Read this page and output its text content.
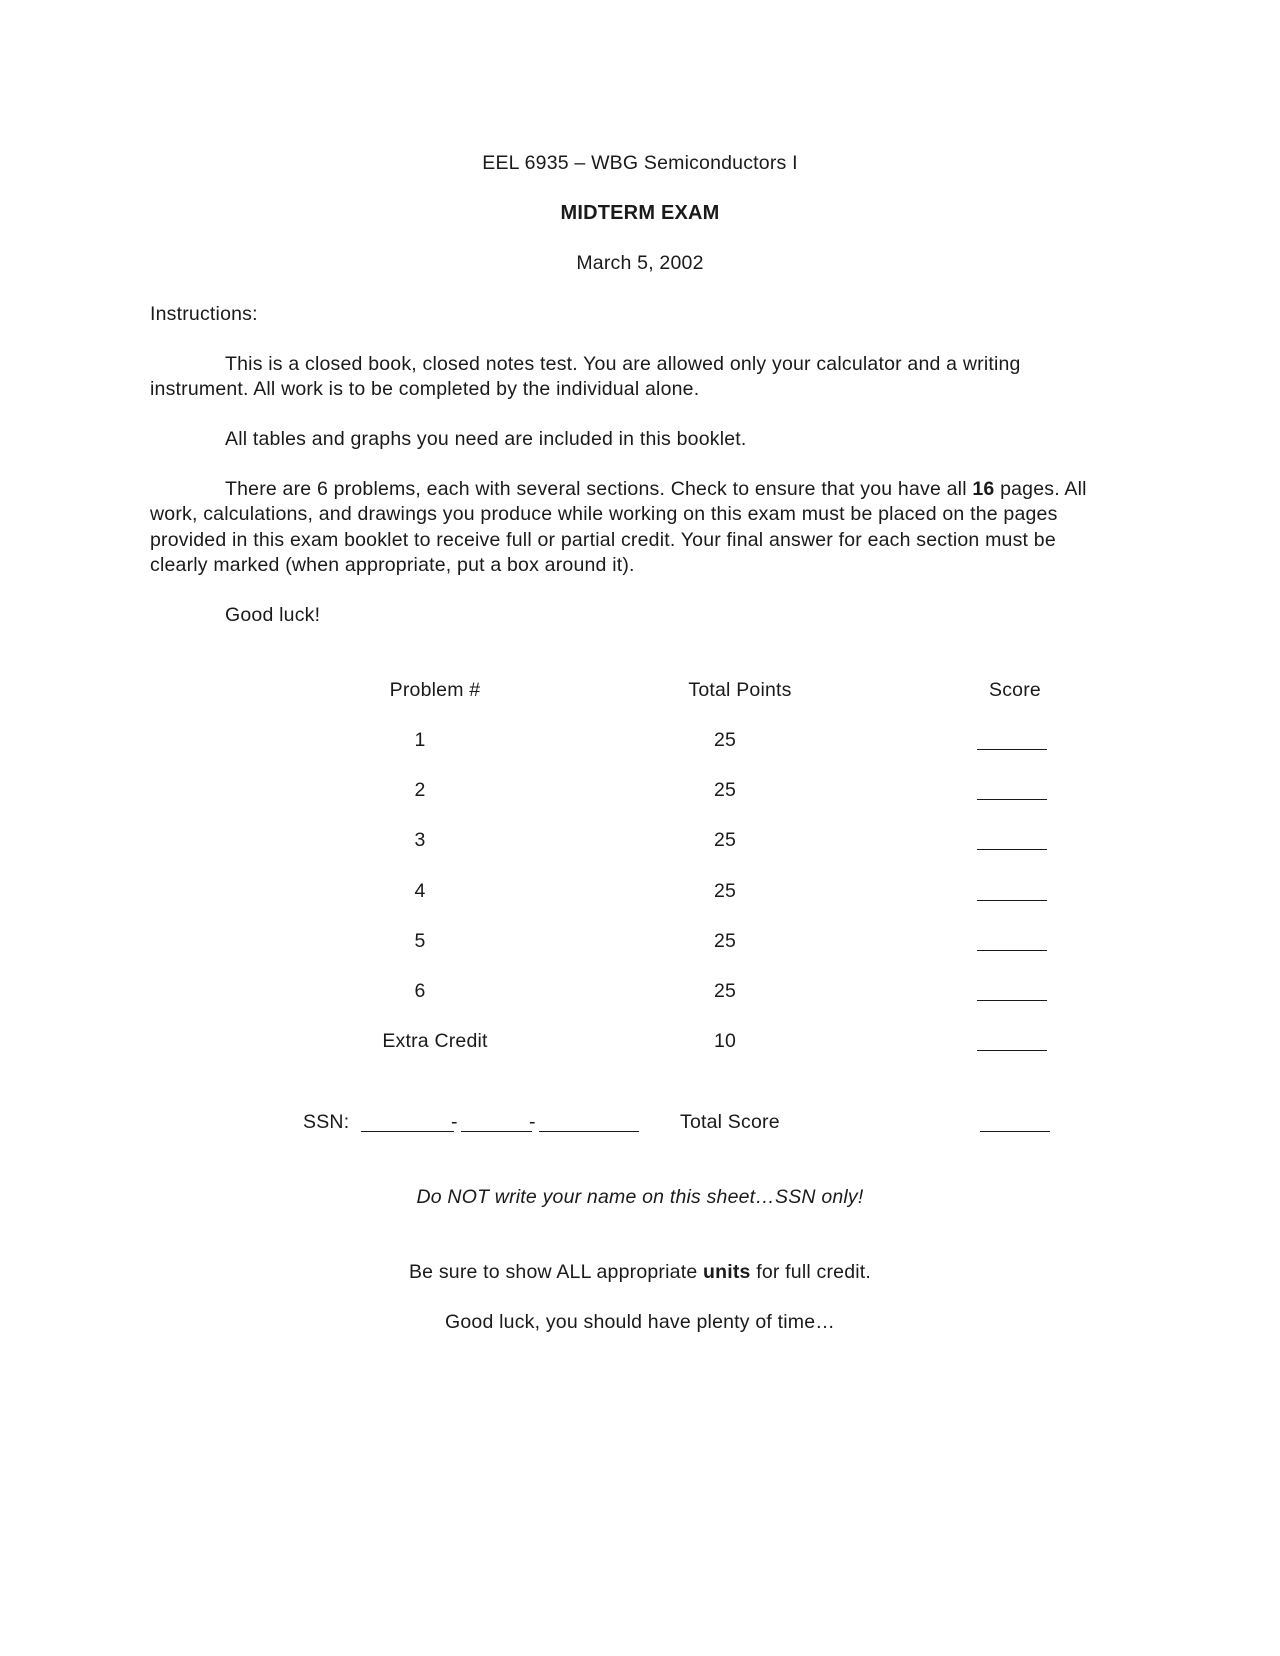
EEL 6935 – WBG Semiconductors I
MIDTERM EXAM
March 5, 2002
Instructions:
This is a closed book, closed notes test. You are allowed only your calculator and a writing instrument. All work is to be completed by the individual alone.
All tables and graphs you need are included in this booklet.
There are 6 problems, each with several sections. Check to ensure that you have all 16 pages. All work, calculations, and drawings you produce while working on this exam must be placed on the pages provided in this exam booklet to receive full or partial credit. Your final answer for each section must be clearly marked (when appropriate, put a box around it).
Good luck!
Problem #	Total Points	Score
1	25
2	25
3	25
4	25
5	25
6	25
Extra Credit	10
SSN:	-	-	Total Score
Do NOT write your name on this sheet…SSN only!
Be sure to show ALL appropriate units for full credit.
Good luck, you should have plenty of time…
